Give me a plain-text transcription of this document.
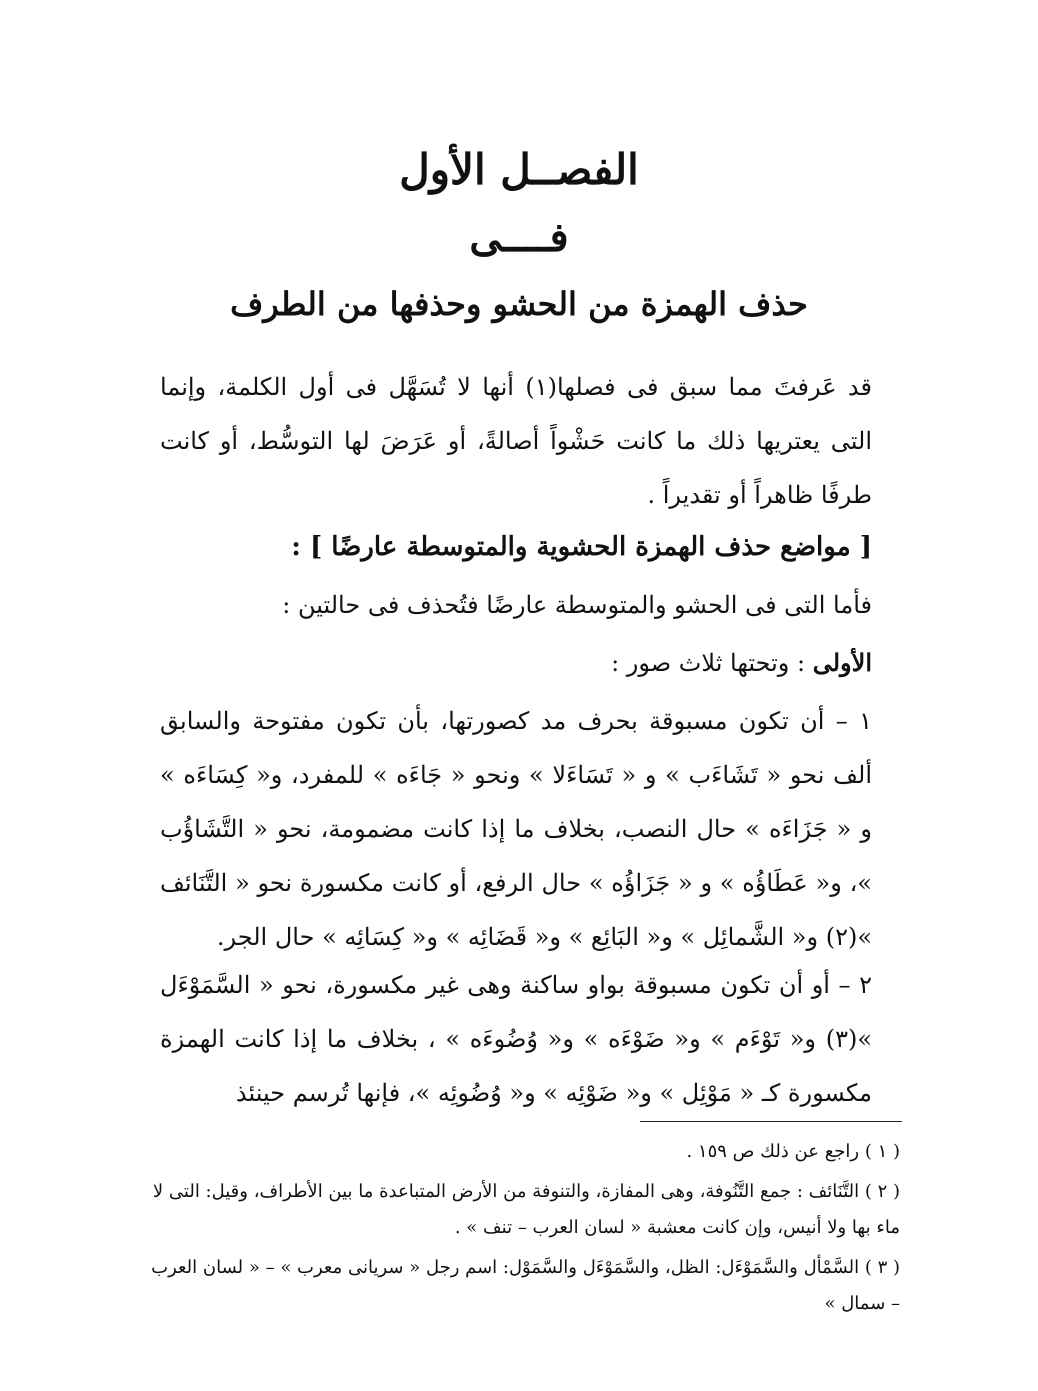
الفصــل الأول
فــــى
حذف الهمزة من الحشو وحذفها من الطرف

قد عَرفتَ مما سبق فى فصلها(١) أنها لا تُسَهَّل فى أول الكلمة، وإنما التى يعتريها ذلك ما كانت حَشْواً أصالةً، أو عَرَضَ لها التوسُّط، أو كانت طرفًا ظاهراً أو تقديراً .

[ مواضع حذف الهمزة الحشوية والمتوسطة عارضًا ] :

فأما التى فى الحشو والمتوسطة عارضًا فتُحذف فى حالتين :

الأولى : وتحتها ثلاث صور :

١ – أن تكون مسبوقة بحرف مد كصورتها، بأن تكون مفتوحة والسابق ألف نحو « تَشَاءَب » و « تَسَاءَلا » ونحو « جَاءَه » للمفرد، و« كِسَاءَه » و « جَزَاءَه » حال النصب، بخلاف ما إذا كانت مضمومة، نحو « التَّشَاؤُب »، و« عَطَاؤُه » و « جَزَاؤُه » حال الرفع، أو كانت مكسورة نحو « التَّنَائف »(٢) و« الشَّمائِل » و« البَائِع » و« قَضَائِه » و« كِسَائِه » حال الجر.

٢ – أو أن تكون مسبوقة بواو ساكنة وهى غير مكسورة، نحو « السَّمَوْءَل »(٣) و« تَوْءَم » و« ضَوْءَه » و« وُضُوءَه » ، بخلاف ما إذا كانت الهمزة مكسورة كـ « مَوْئِل » و« ضَوْئِه » و« وُضُوئِه »، فإنها تُرسم حينئذ

( ١ ) راجع عن ذلك ص ١٥٩ .

( ٢ ) التَّنَائف : جمع التَّنُوفة، وهى المفازة، والتنوفة من الأرض المتباعدة ما بين الأطراف، وقيل: التى لا ماء بها ولا أنيس، وإن كانت معشبة « لسان العرب – تنف » .

( ٣ ) السَّمْأل والسَّمَوْءَل: الظل، والسَّمَوْءَل والسَّمَوْل: اسم رجل « سريانى معرب » – « لسان العرب – سمال »
